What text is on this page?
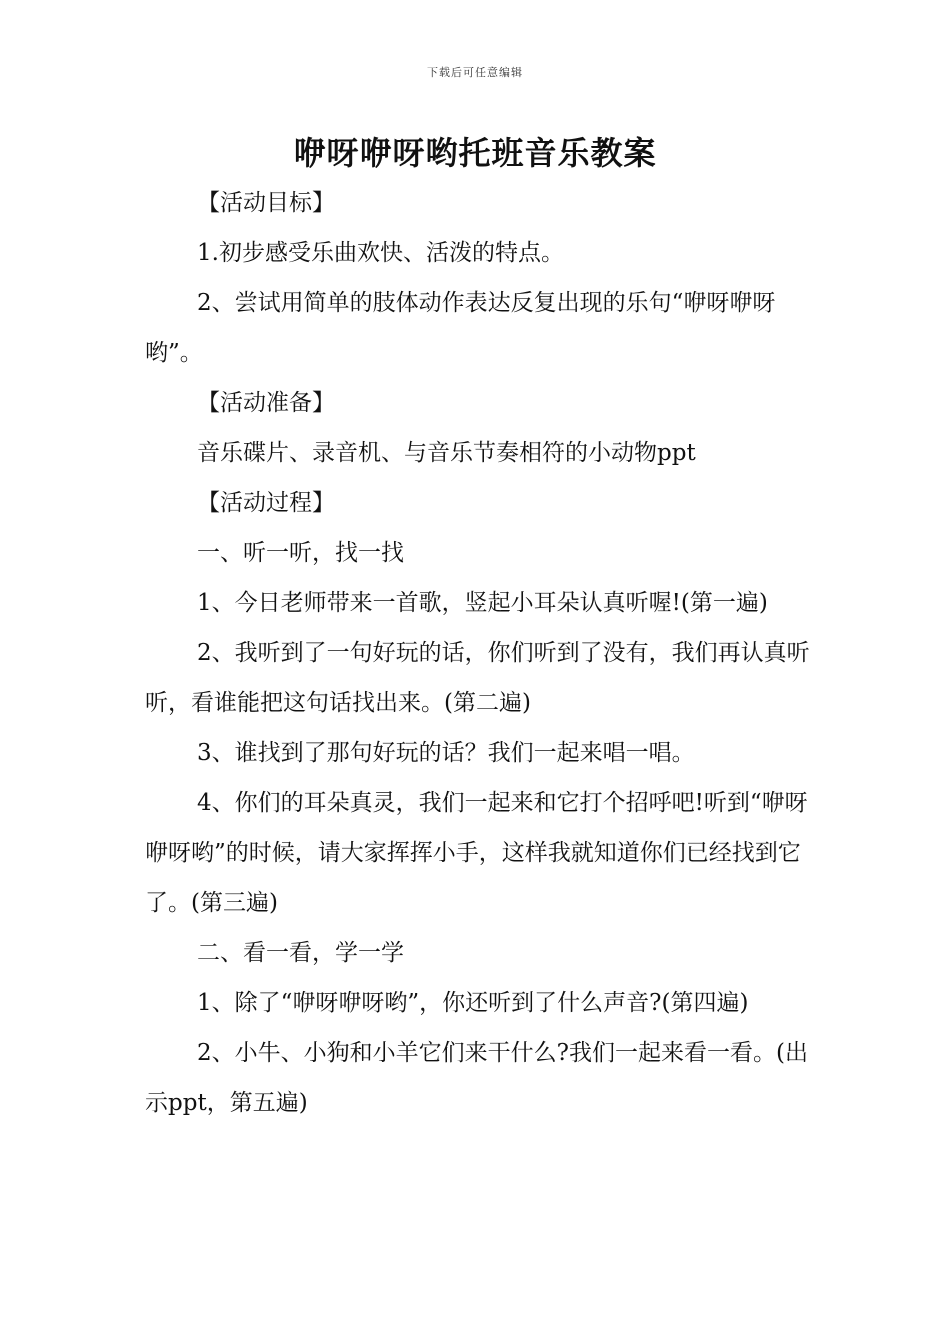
下载后可任意编辑
咿呀咿呀哟托班音乐教案

【活动目标】

1.初步感受乐曲欢快、活泼的特点。

2、尝试用简单的肢体动作表达反复出现的乐句“咿呀咿呀哟”。

【活动准备】

音乐碟片、录音机、与音乐节奏相符的小动物ppt

【活动过程】

一、听一听，找一找

1、今日老师带来一首歌，竖起小耳朵认真听喔!(第一遍)

2、我听到了一句好玩的话，你们听到了没有，我们再认真听听，看谁能把这句话找出来。(第二遍)

3、谁找到了那句好玩的话？我们一起来唱一唱。

4、你们的耳朵真灵，我们一起来和它打个招呼吧!听到“咿呀咿呀哟”的时候，请大家挥挥小手，这样我就知道你们已经找到它了。(第三遍)

二、看一看，学一学

1、除了“咿呀咿呀哟”，你还听到了什么声音?(第四遍)

2、小牛、小狗和小羊它们来干什么?我们一起来看一看。(出示ppt，第五遍)
